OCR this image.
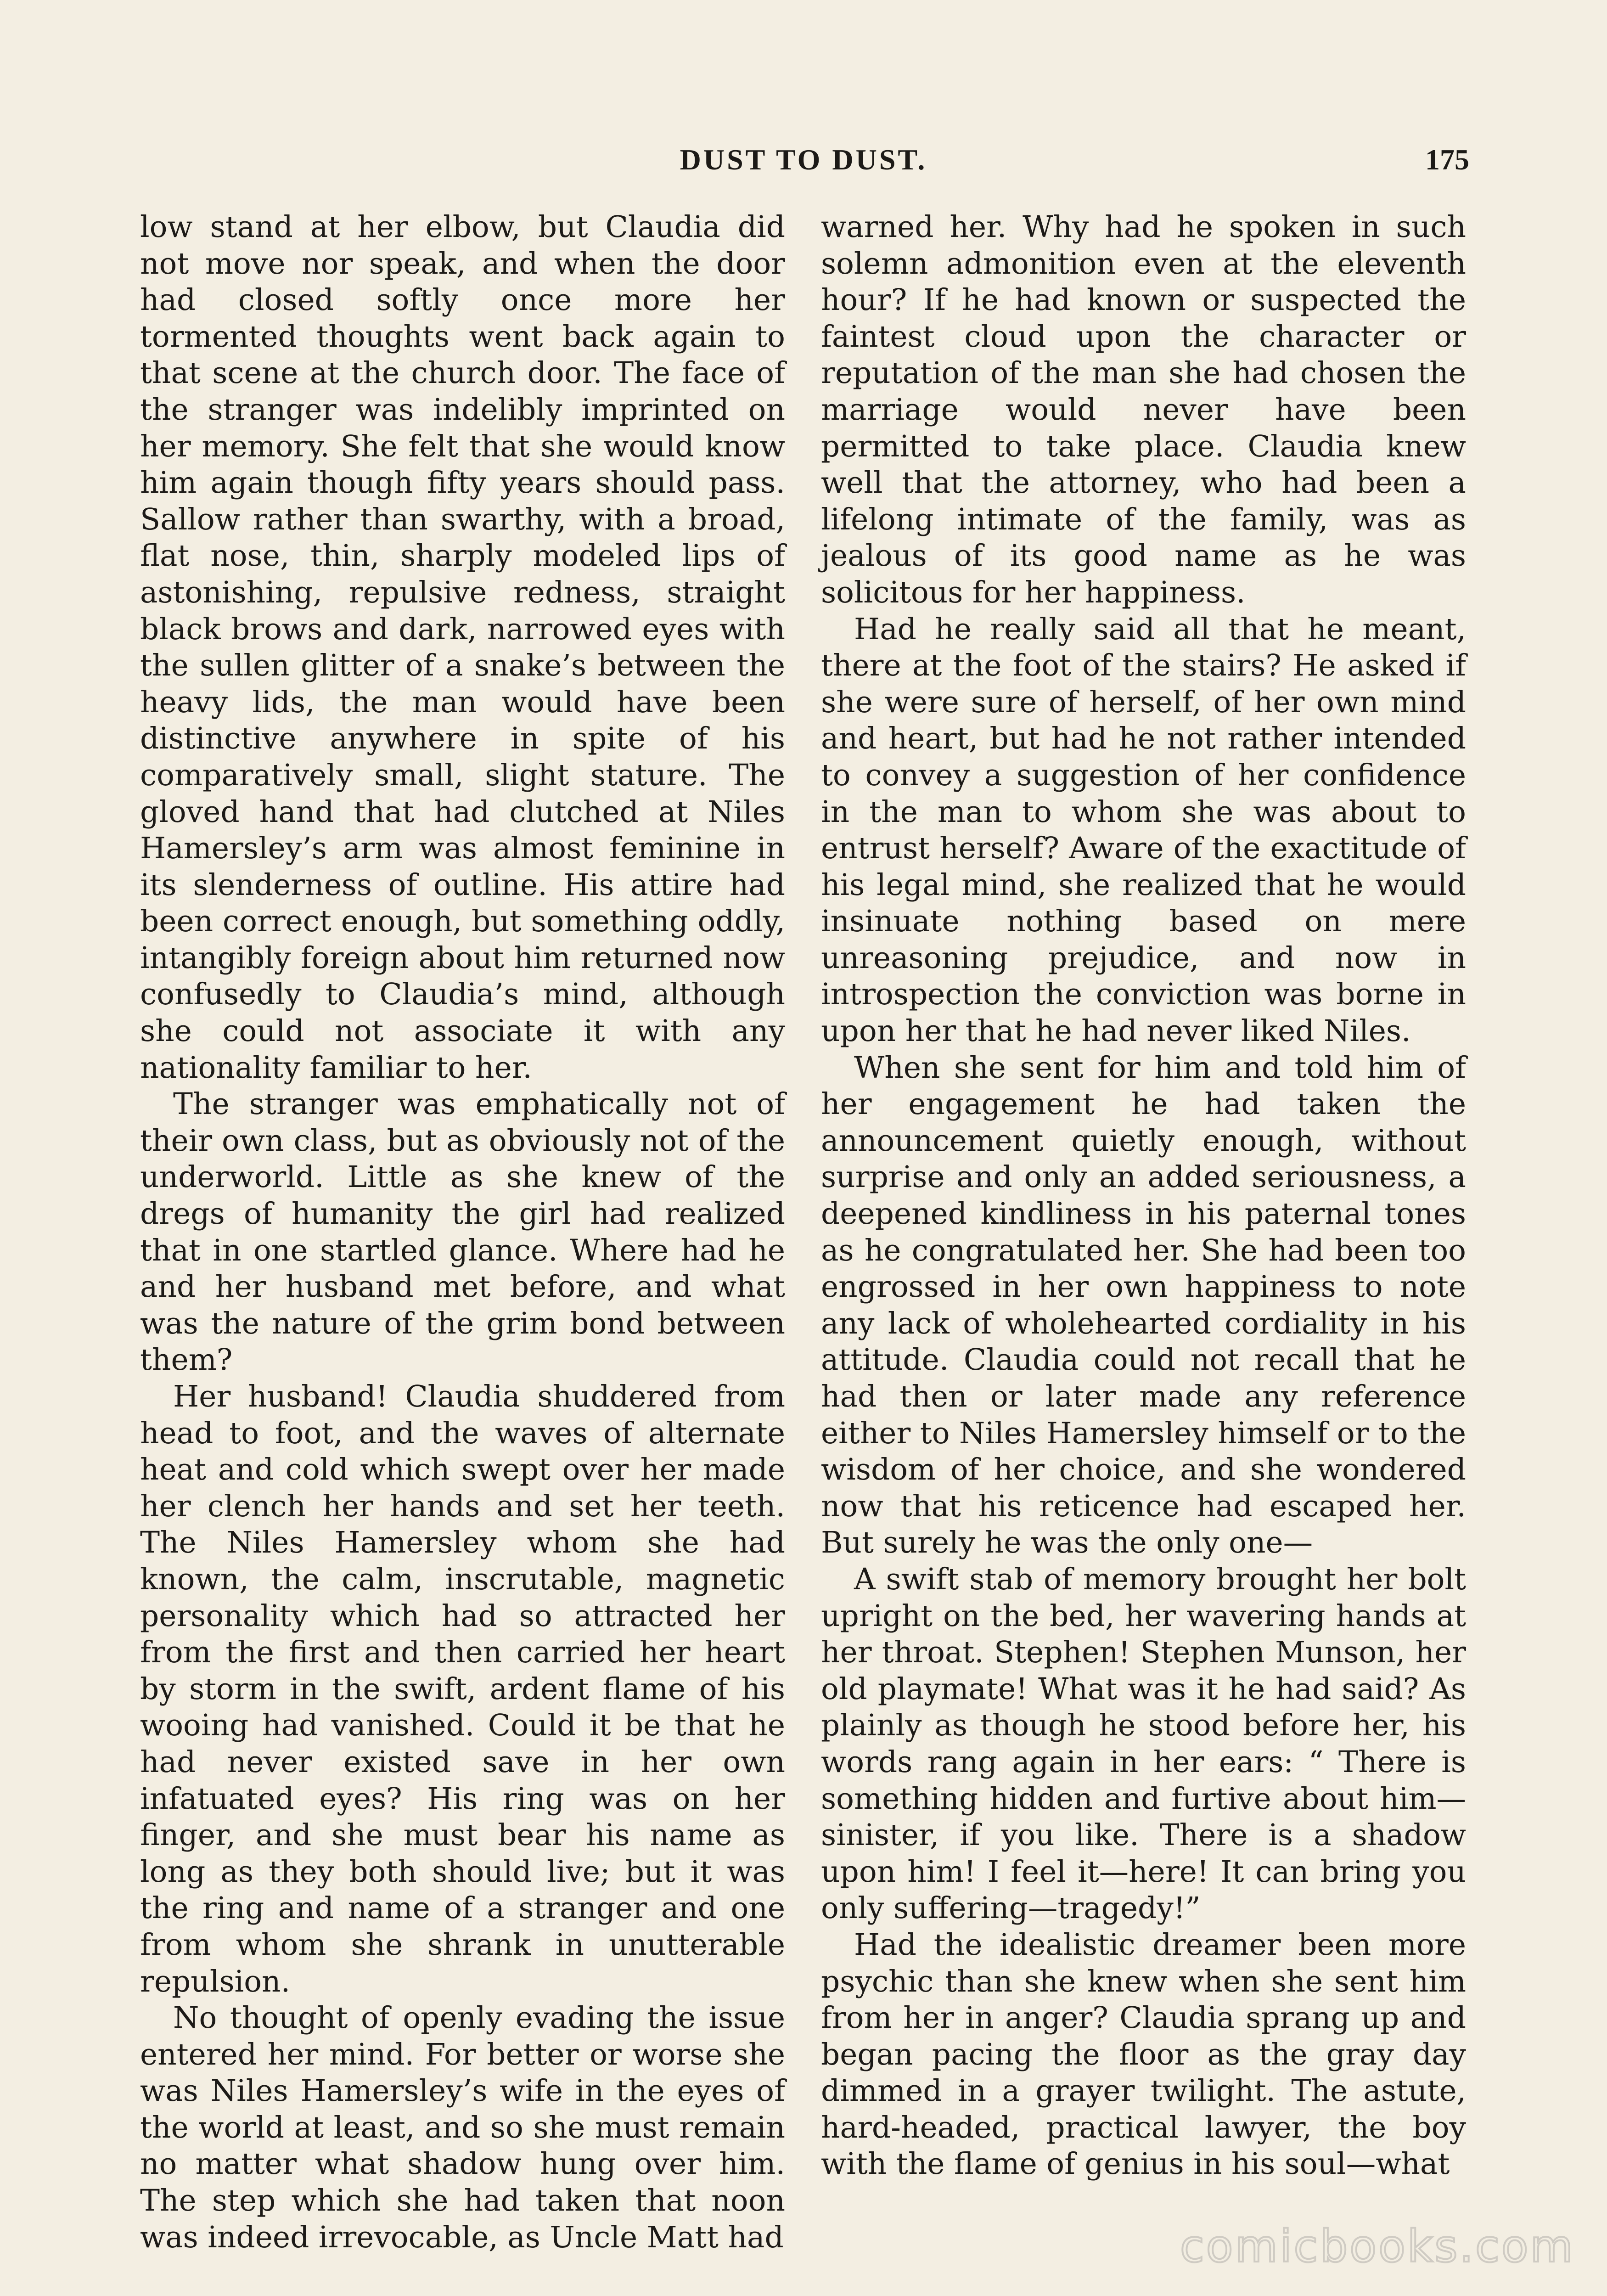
DUST TO DUST.	175

low stand at her elbow, but Claudia did not move nor speak, and when the door had closed softly once more her tormented thoughts went back again to that scene at the church door. The face of the stranger was indelibly imprinted on her memory. She felt that she would know him again though fifty years should pass. Sallow rather than swarthy, with a broad, flat nose, thin, sharply modeled lips of astonishing, repulsive redness, straight black brows and dark, narrowed eyes with the sullen glitter of a snake’s between the heavy lids, the man would have been distinctive anywhere in spite of his comparatively small, slight stature. The gloved hand that had clutched at Niles Hamersley’s arm was almost feminine in its slenderness of outline. His attire had been correct enough, but something oddly, intangibly foreign about him returned now confusedly to Claudia’s mind, although she could not associate it with any nationality familiar to her.

The stranger was emphatically not of their own class, but as obviously not of the underworld. Little as she knew of the dregs of humanity the girl had realized that in one startled glance. Where had he and her husband met before, and what was the nature of the grim bond between them?

Her husband! Claudia shuddered from head to foot, and the waves of alternate heat and cold which swept over her made her clench her hands and set her teeth. The Niles Hamersley whom she had known, the calm, inscrutable, magnetic personality which had so attracted her from the first and then carried her heart by storm in the swift, ardent flame of his wooing had vanished. Could it be that he had never existed save in her own infatuated eyes? His ring was on her finger, and she must bear his name as long as they both should live; but it was the ring and name of a stranger and one from whom she shrank in unutterable repulsion.

No thought of openly evading the issue entered her mind. For better or worse she was Niles Hamersley’s wife in the eyes of the world at least, and so she must remain no matter what shadow hung over him. The step which she had taken that noon was indeed irrevocable, as Uncle Matt had

warned her. Why had he spoken in such solemn admonition even at the eleventh hour? If he had known or suspected the faintest cloud upon the character or reputation of the man she had chosen the marriage would never have been permitted to take place. Claudia knew well that the attorney, who had been a lifelong intimate of the family, was as jealous of its good name as he was solicitous for her happiness.

Had he really said all that he meant, there at the foot of the stairs? He asked if she were sure of herself, of her own mind and heart, but had he not rather intended to convey a suggestion of her confidence in the man to whom she was about to entrust herself? Aware of the exactitude of his legal mind, she realized that he would insinuate nothing based on mere unreasoning prejudice, and now in introspection the conviction was borne in upon her that he had never liked Niles.

When she sent for him and told him of her engagement he had taken the announcement quietly enough, without surprise and only an added seriousness, a deepened kindliness in his paternal tones as he congratulated her. She had been too engrossed in her own happiness to note any lack of wholehearted cordiality in his attitude. Claudia could not recall that he had then or later made any reference either to Niles Hamersley himself or to the wisdom of her choice, and she wondered now that his reticence had escaped her. But surely he was the only one—

A swift stab of memory brought her bolt upright on the bed, her wavering hands at her throat. Stephen! Stephen Munson, her old playmate! What was it he had said? As plainly as though he stood before her, his words rang again in her ears: “ There is something hidden and furtive about him—sinister, if you like. There is a shadow upon him! I feel it—here! It can bring you only suffering—tragedy!”

Had the idealistic dreamer been more psychic than she knew when she sent him from her in anger? Claudia sprang up and began pacing the floor as the gray day dimmed in a grayer twilight. The astute, hard-headed, practical lawyer, the boy with the flame of genius in his soul—what

comicbooks.com
